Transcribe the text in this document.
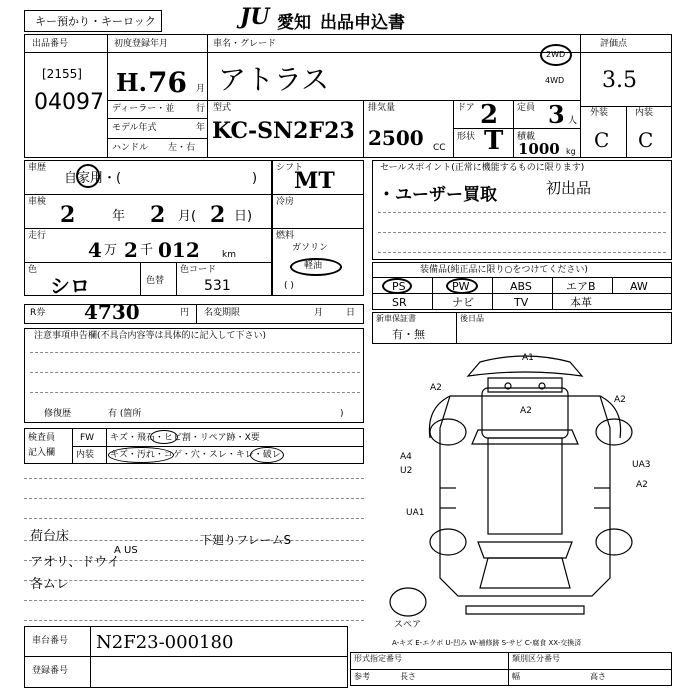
キー預かり・キーロック	JU 愛知 出品申込書
出品番号
[2155]
04097
初度登録年月
H. 76 月
ディーラー・並 行
モデル年式	年
ハンドル 左・右
車名・グレード
アトラス
2WD
4WD
型式
KC-SN2F23
排気量
2500 CC
ドア 2
形状 T
定員 3 人
積載
1000 kg
評価点
3.5
外装	内装
C C
車歴
自家用・(	)
車検 2	年 2 月( 2 日)
走行
4 万 2 千 012 km
色
シロ	色替
色コード
531
シフト
MT
冷房
燃料
ガソリン
軽油
( )
セールスポイント(正常に機能するものに限ります)
・ユーザー買取	初出品
装備品(純正品に限り○をつけてください)
PS	PW	ABS	エアB	AW
SR	ナビ	TV	本革
新車保証書
有・無
後日品
R券 4730	円 名変期限	月	日
注意事項申告欄(不具合内容等は具体的に記入して下さい)
修復歴	有 (箇所	)
検査員
記入欄
FW キズ・飛石・ヒビ割・リペア跡・X要
内装 キズ・汚れ・コゲ・穴・スレ・キレ・破レ
荷台床
アオリ、ドウイ
A US
各ムレ
下廻りフレームS
A1
A2
A2
A2
A4
U2
UA1
UA3
A2
スペア
A-キズ E-エクボ U-凹み W-補修跡 S-サビ C-腐食 XX-交換済
車台番号 N2F23-000180
登録番号
形式指定番号	類別区分番号
参考	長さ	幅	高さ
